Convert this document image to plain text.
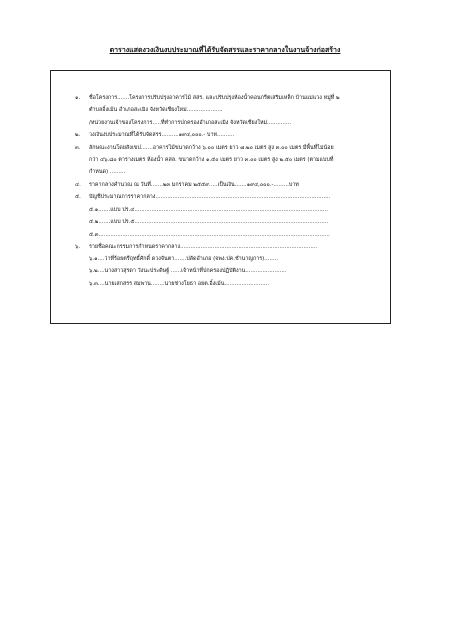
ตารางแสดงวงเงินงบประมาณที่ได้รับจัดสรรและราคากลางในงานจ้างก่อสร้าง
๑. ชื่อโครงการ.......โครงการปรับปรุงอาคารไม้ สสร. และปรับปรุงห้องน้ำคอนกรีตเสริมเหล็ก บ้านแม่แวง หมู่ที่ ๒
ตำบลอิ้งเม้น อำเภอสะเมิง จังหวัดเชียงใหม่.....................
/หน่วยงานเจ้าของโครงการ.....ที่ทำการปกครองอำเภอสะเมิง จังหวัดเชียงใหม่..............
๒. วงเงินงบประมาณที่ได้รับจัดสรร..........๑๙๔,๐๐๐.- บาท..........
๓. ลักษณะงานโดยสังเขป.......อาคารไม้ขนาดกว้าง ๖.๐๐ เมตร ยาว ๗.๒๐ เมตร สูง ๓.๐๐ เมตร มีพื้นที่ไม่น้อย
กว่า ๔๖.๘๐ ตารางเมตร ห้องน้ำ คสล. ขนาดกว้าง ๑.๕๐ เมตร ยาว ๓.๐๐ เมตร สูง ๒.๕๐ เมตร (ตามแบบที่
กำหนด) .........
๔. ราคากลางคำนวณ ณ วันที่.......๒๓ มกราคม ๒๕๕๙.....เป็นเงิน.......๑๙๔,๐๐๐.-.........บาท
๕. บัญชีประมาณการราคากลาง......................................................................................................
๕.๑.......แบบ ปร.๔.................................................................................................................
๕.๒.......แบบ ปร.๕.................................................................................................................
๕.๓.......................................................................................................................................
๖. รายชื่อคณะกรรมการกำหนดราคากลาง................................................................................
๖.๑....ว่าที่ร้อยตรีฤทธิ์ศักดิ์ ดวงจันตา.......ปลัดอำเภอ (จพง.ปค.ชำนาญการ)........
๖.๒....นางสาวสุรดา วังนะประดิษฐ์ ......เจ้าหน้าที่ปกครองปฏิบัติงาน........................
๖.๓....นายเสกสรร สมพาน........นายช่างโยธา อยต.อิ้งเม้น..........................
